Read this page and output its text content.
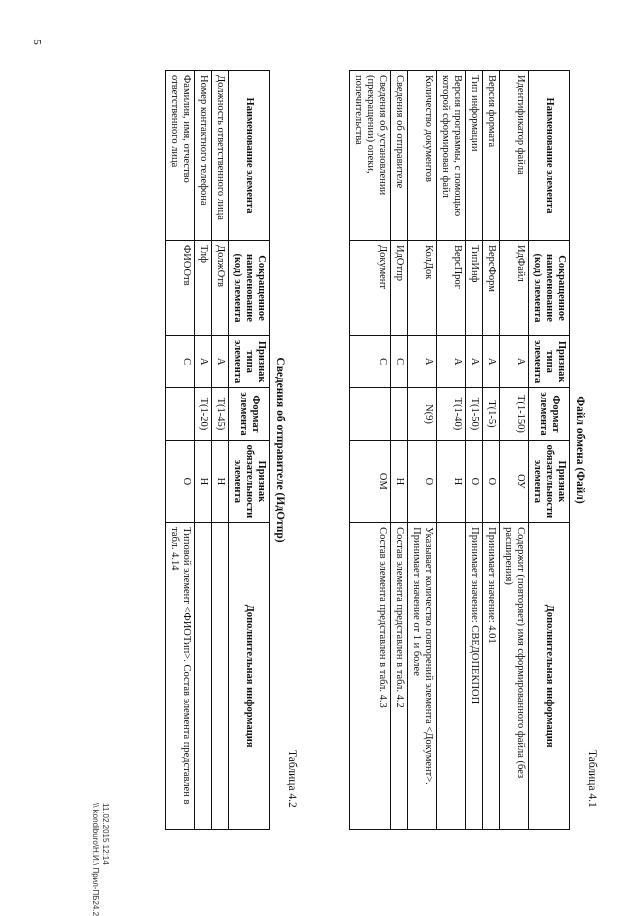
5
11.02.2015 12:14
\\ kondiburo\Н.И.\ Прил-ПБ24.2
Таблица 4.1
Файл обмена (Файл)
Наименование элемента	Сокращенное наименование (код) элемента	Признак типа элемента	Формат элемента	Признак обязательности элемента	Дополнительная информация
Идентификатор файла	ИдФайл	А	Т(1-150)	ОУ	Содержит (повторяет) имя сформированного файла (без расширения)
Версия формата	ВерсФорм	А	Т(1-5)	О	Принимает значение: 4.01
Тип информации	ТипИнф	А	Т(1-50)	О	Принимает значение: СВЕДОПЕКПОП
Версия программы, с помощью которой сформирован файл	ВерсПрог	А	Т(1-40)	Н	
Количество документов	КолДок	А	N(9)	О	Указывает количество повторений элемента <Документ>. Принимает значение от 1 и более
Сведения об отправителе	ИдОтпр	С		Н	Состав элемента представлен в табл. 4.2
Сведения об установлении (прекращении) опеки, попечительства	Документ	С		ОМ	Состав элемента представлен в табл. 4.3
Таблица 4.2
Сведения об отправителе (ИдОтпр)
Наименование элемента	Сокращенное наименование (код) элемента	Признак типа элемента	Формат элемента	Признак обязательности элемента	Дополнительная информация
Должность ответственного лица	ДолжОтв	А	Т(1-45)	Н	
Номер контактного телефона	Тлф	А	Т(1-20)	Н	
Фамилия, имя, отчество ответственного лица	ФИООтв	С		О	Типовой элемент <ФИОТип>. Состав элемента представлен в табл. 4.14
